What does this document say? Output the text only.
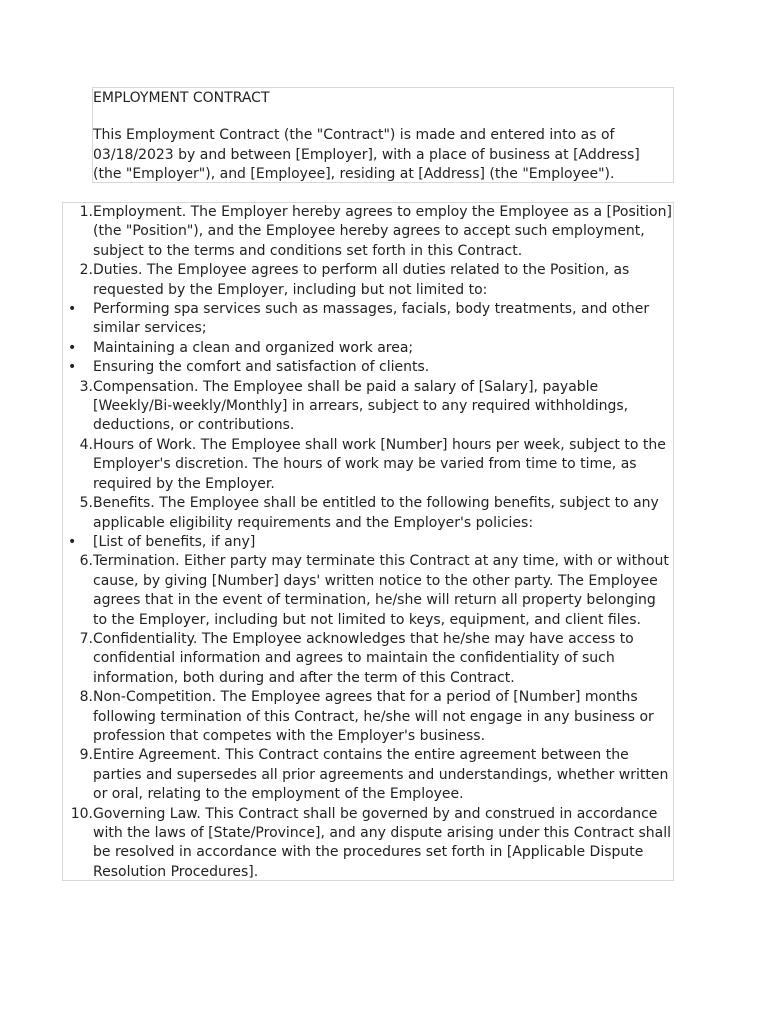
EMPLOYMENT CONTRACT

This Employment Contract (the "Contract") is made and entered into as of 03/18/2023 by and between [Employer], with a place of business at [Address] (the "Employer"), and [Employee], residing at [Address] (the "Employee").

1. Employment. The Employer hereby agrees to employ the Employee as a [Position] (the "Position"), and the Employee hereby agrees to accept such employment, subject to the terms and conditions set forth in this Contract.
2. Duties. The Employee agrees to perform all duties related to the Position, as requested by the Employer, including but not limited to:
•	Performing spa services such as massages, facials, body treatments, and other similar services;
•	Maintaining a clean and organized work area;
•	Ensuring the comfort and satisfaction of clients.
3. Compensation. The Employee shall be paid a salary of [Salary], payable [Weekly/Bi-weekly/Monthly] in arrears, subject to any required withholdings, deductions, or contributions.
4. Hours of Work. The Employee shall work [Number] hours per week, subject to the Employer's discretion. The hours of work may be varied from time to time, as required by the Employer.
5. Benefits. The Employee shall be entitled to the following benefits, subject to any applicable eligibility requirements and the Employer's policies:
•	[List of benefits, if any]
6. Termination. Either party may terminate this Contract at any time, with or without cause, by giving [Number] days' written notice to the other party. The Employee agrees that in the event of termination, he/she will return all property belonging to the Employer, including but not limited to keys, equipment, and client files.
7. Confidentiality. The Employee acknowledges that he/she may have access to confidential information and agrees to maintain the confidentiality of such information, both during and after the term of this Contract.
8. Non-Competition. The Employee agrees that for a period of [Number] months following termination of this Contract, he/she will not engage in any business or profession that competes with the Employer's business.
9. Entire Agreement. This Contract contains the entire agreement between the parties and supersedes all prior agreements and understandings, whether written or oral, relating to the employment of the Employee.
10. Governing Law. This Contract shall be governed by and construed in accordance with the laws of [State/Province], and any dispute arising under this Contract shall be resolved in accordance with the procedures set forth in [Applicable Dispute Resolution Procedures].
